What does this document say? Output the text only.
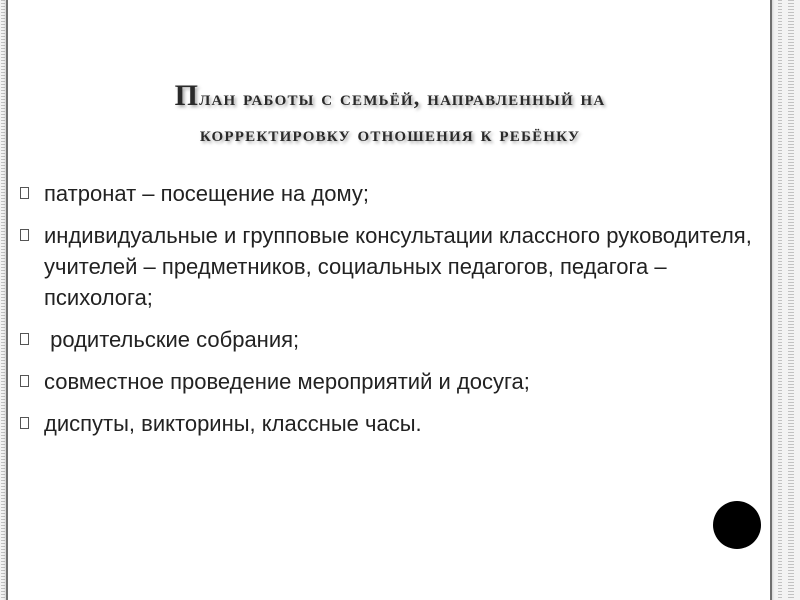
План работы с семьёй, направленный на
корректировку отношения к ребёнку
патронат – посещение на дому;
индивидуальные и групповые консультации классного руководителя, учителей – предметников, социальных педагогов, педагога – психолога;
родительские собрания;
совместное проведение мероприятий и досуга;
диспуты, викторины, классные часы.
